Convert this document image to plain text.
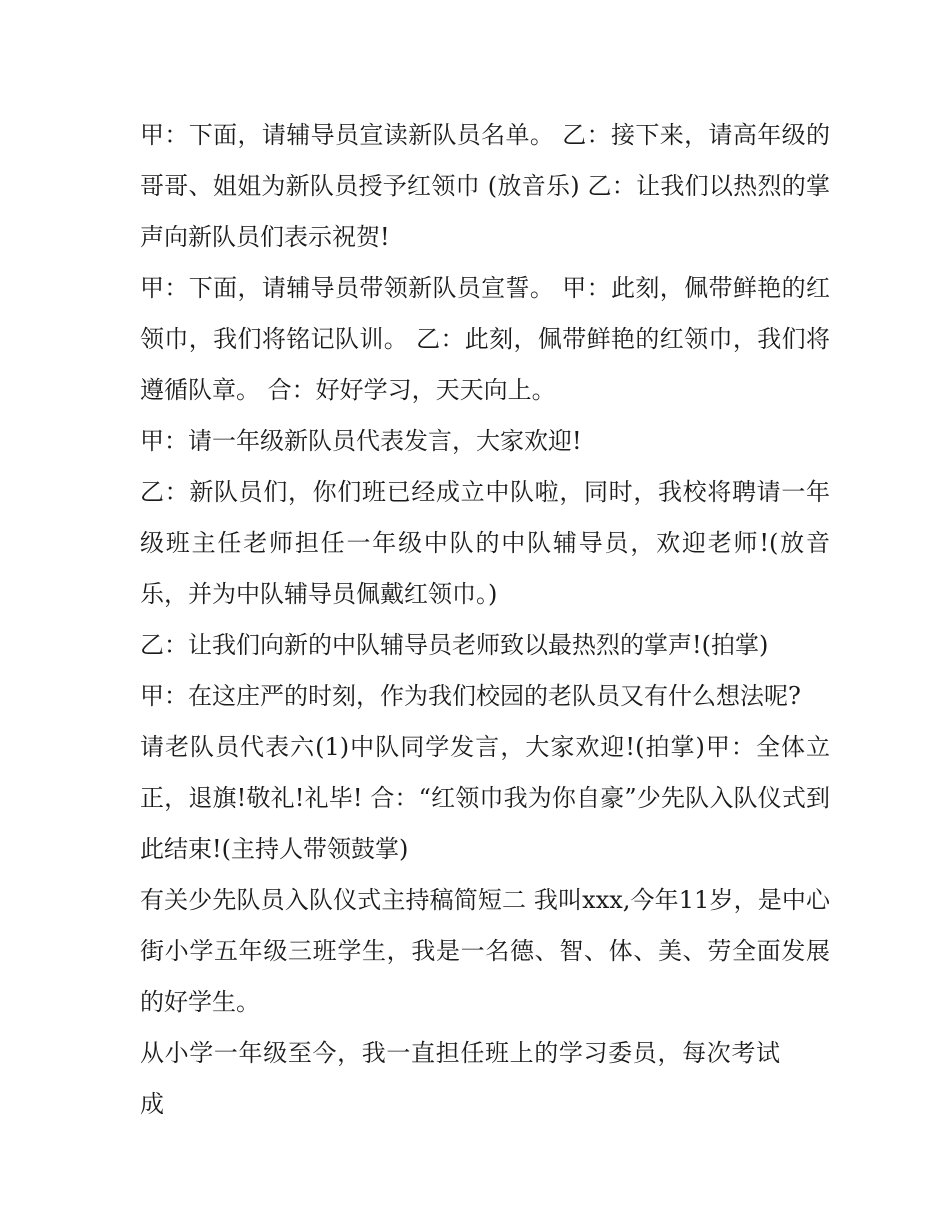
甲：下面，请辅导员宣读新队员名单。 乙：接下来，请高年级的哥哥、姐姐为新队员授予红领巾 (放音乐) 乙：让我们以热烈的掌声向新队员们表示祝贺!

甲：下面，请辅导员带领新队员宣誓。 甲：此刻，佩带鲜艳的红领巾，我们将铭记队训。 乙：此刻，佩带鲜艳的红领巾，我们将遵循队章。 合：好好学习，天天向上。

甲：请一年级新队员代表发言，大家欢迎!

乙：新队员们，你们班已经成立中队啦，同时，我校将聘请一年级班主任老师担任一年级中队的中队辅导员，欢迎老师!(放音乐，并为中队辅导员佩戴红领巾。)

乙：让我们向新的中队辅导员老师致以最热烈的掌声!(拍掌)

甲：在这庄严的时刻，作为我们校园的老队员又有什么想法呢?

请老队员代表六(1)中队同学发言，大家欢迎!(拍掌)甲：全体立正，退旗!敬礼!礼毕! 合：“红领巾我为你自豪”少先队入队仪式到此结束!(主持人带领鼓掌)

有关少先队员入队仪式主持稿简短二 我叫xxx,今年11岁，是中心街小学五年级三班学生，我是一名德、智、体、美、劳全面发展的好学生。

从小学一年级至今，我一直担任班上的学习委员，每次考试成
